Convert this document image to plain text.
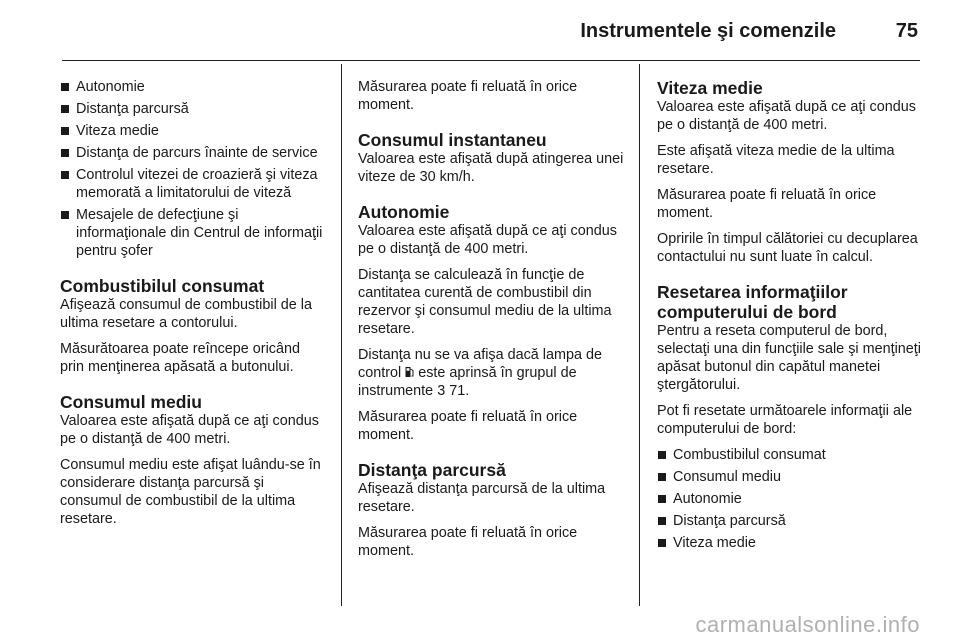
Instrumentele şi comenzile	75
Autonomie
Distanţa parcursă
Viteza medie
Distanţa de parcurs înainte de service
Controlul vitezei de croazieră şi viteza memorată a limitatorului de viteză
Mesajele de defecţiune şi informaţionale din Centrul de informaţii pentru şofer
Combustibilul consumat

Afişează consumul de combustibil de la ultima resetare a contorului.

Măsurătoarea poate reîncepe oricând prin menţinerea apăsată a butonului.

Consumul mediu

Valoarea este afişată după ce aţi condus pe o distanţă de 400 metri.

Consumul mediu este afişat luându-se în considerare distanţa parcursă şi consumul de combustibil de la ultima resetare.

Măsurarea poate fi reluată în orice moment.

Consumul instantaneu

Valoarea este afişată după atingerea unei viteze de 30 km/h.

Autonomie

Valoarea este afişată după ce aţi condus pe o distanţă de 400 metri.

Distanţa se calculează în funcţie de cantitatea curentă de combustibil din rezervor şi consumul mediu de la ultima resetare.

Distanţa nu se va afişa dacă lampa de control este aprinsă în grupul de instrumente 3 71.

Măsurarea poate fi reluată în orice moment.

Distanţa parcursă

Afişează distanţa parcursă de la ultima resetare.

Măsurarea poate fi reluată în orice moment.

Viteza medie

Valoarea este afişată după ce aţi condus pe o distanţă de 400 metri.

Este afişată viteza medie de la ultima resetare.

Măsurarea poate fi reluată în orice moment.

Opririle în timpul călătoriei cu decuplarea contactului nu sunt luate în calcul.

Resetarea informaţiilor computerului de bord

Pentru a reseta computerul de bord, selectaţi una din funcţiile sale şi menţineţi apăsat butonul din capătul manetei ştergătorului.

Pot fi resetate următoarele informaţii ale computerului de bord:

Combustibilul consumat
Consumul mediu
Autonomie
Distanţa parcursă
Viteza medie
carmanualsonline.info
